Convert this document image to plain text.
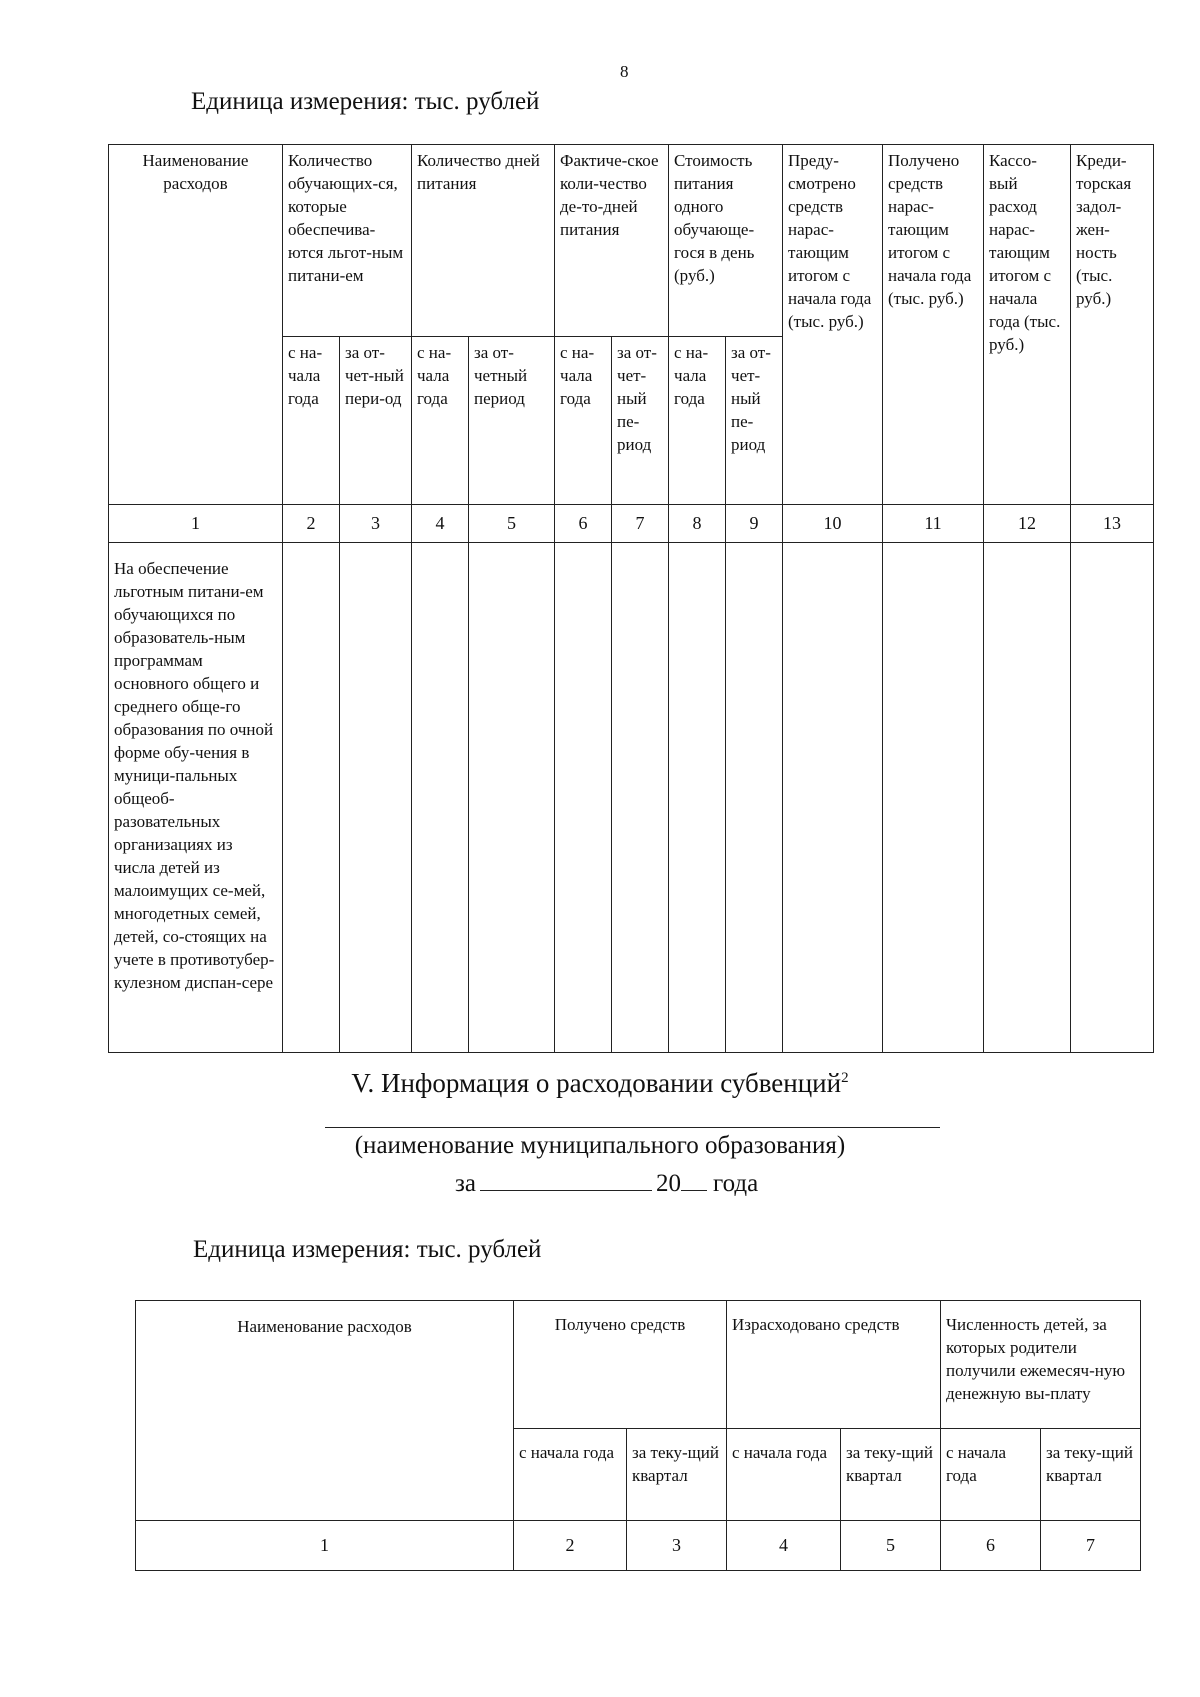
8
Единица измерения: тыс. рублей
Наименование расходов	Количество обучающих-ся, которые обеспечива-ются льгот-ным питани-ем		Количество дней питания		Фактиче-ское коли-чество де-то-дней питания		Стоимость питания одного обучающе-гося в день (руб.)		Преду-смотрено средств нарас-тающим итогом с начала года (тыс. руб.)	Получено средств нарас-тающим итогом с начала года (тыс. руб.)	Кассо-вый расход нарас-тающим итогом с начала года (тыс. руб.)	Креди-торская задол-жен-ность (тыс. руб.)
	с на-чала года	за от-чет-ный пери-од	с на-чала года	за от-четный период	с на-чала года	за от-чет-ный пе-риод	с на-чала года	за от-чет-ный пе-риод				
1	2	3	4	5	6	7	8	9	10	11	12	13
На обеспечение льготным питани-ем обучающихся по образователь-ным программам основного общего и среднего обще-го образования по очной форме обу-чения в муници-пальных общеоб-разовательных организациях из числа детей из малоимущих се-мей, многодетных семей, детей, со-стоящих на учете в противотубер-кулезном диспан-сере												
V. Информация о расходовании субвенций$^2$
(наименование муниципального образования)
за	20 года
Единица измерения: тыс. рублей
Наименование расходов	Получено средств		Израсходовано средств		Численность детей, за которых родители получили ежемесяч-ную денежную вы-плату	
	с начала года	за теку-щий квартал	с начала года	за теку-щий квартал	с начала года	за теку-щий квартал
1	2	3	4	5	6	7
